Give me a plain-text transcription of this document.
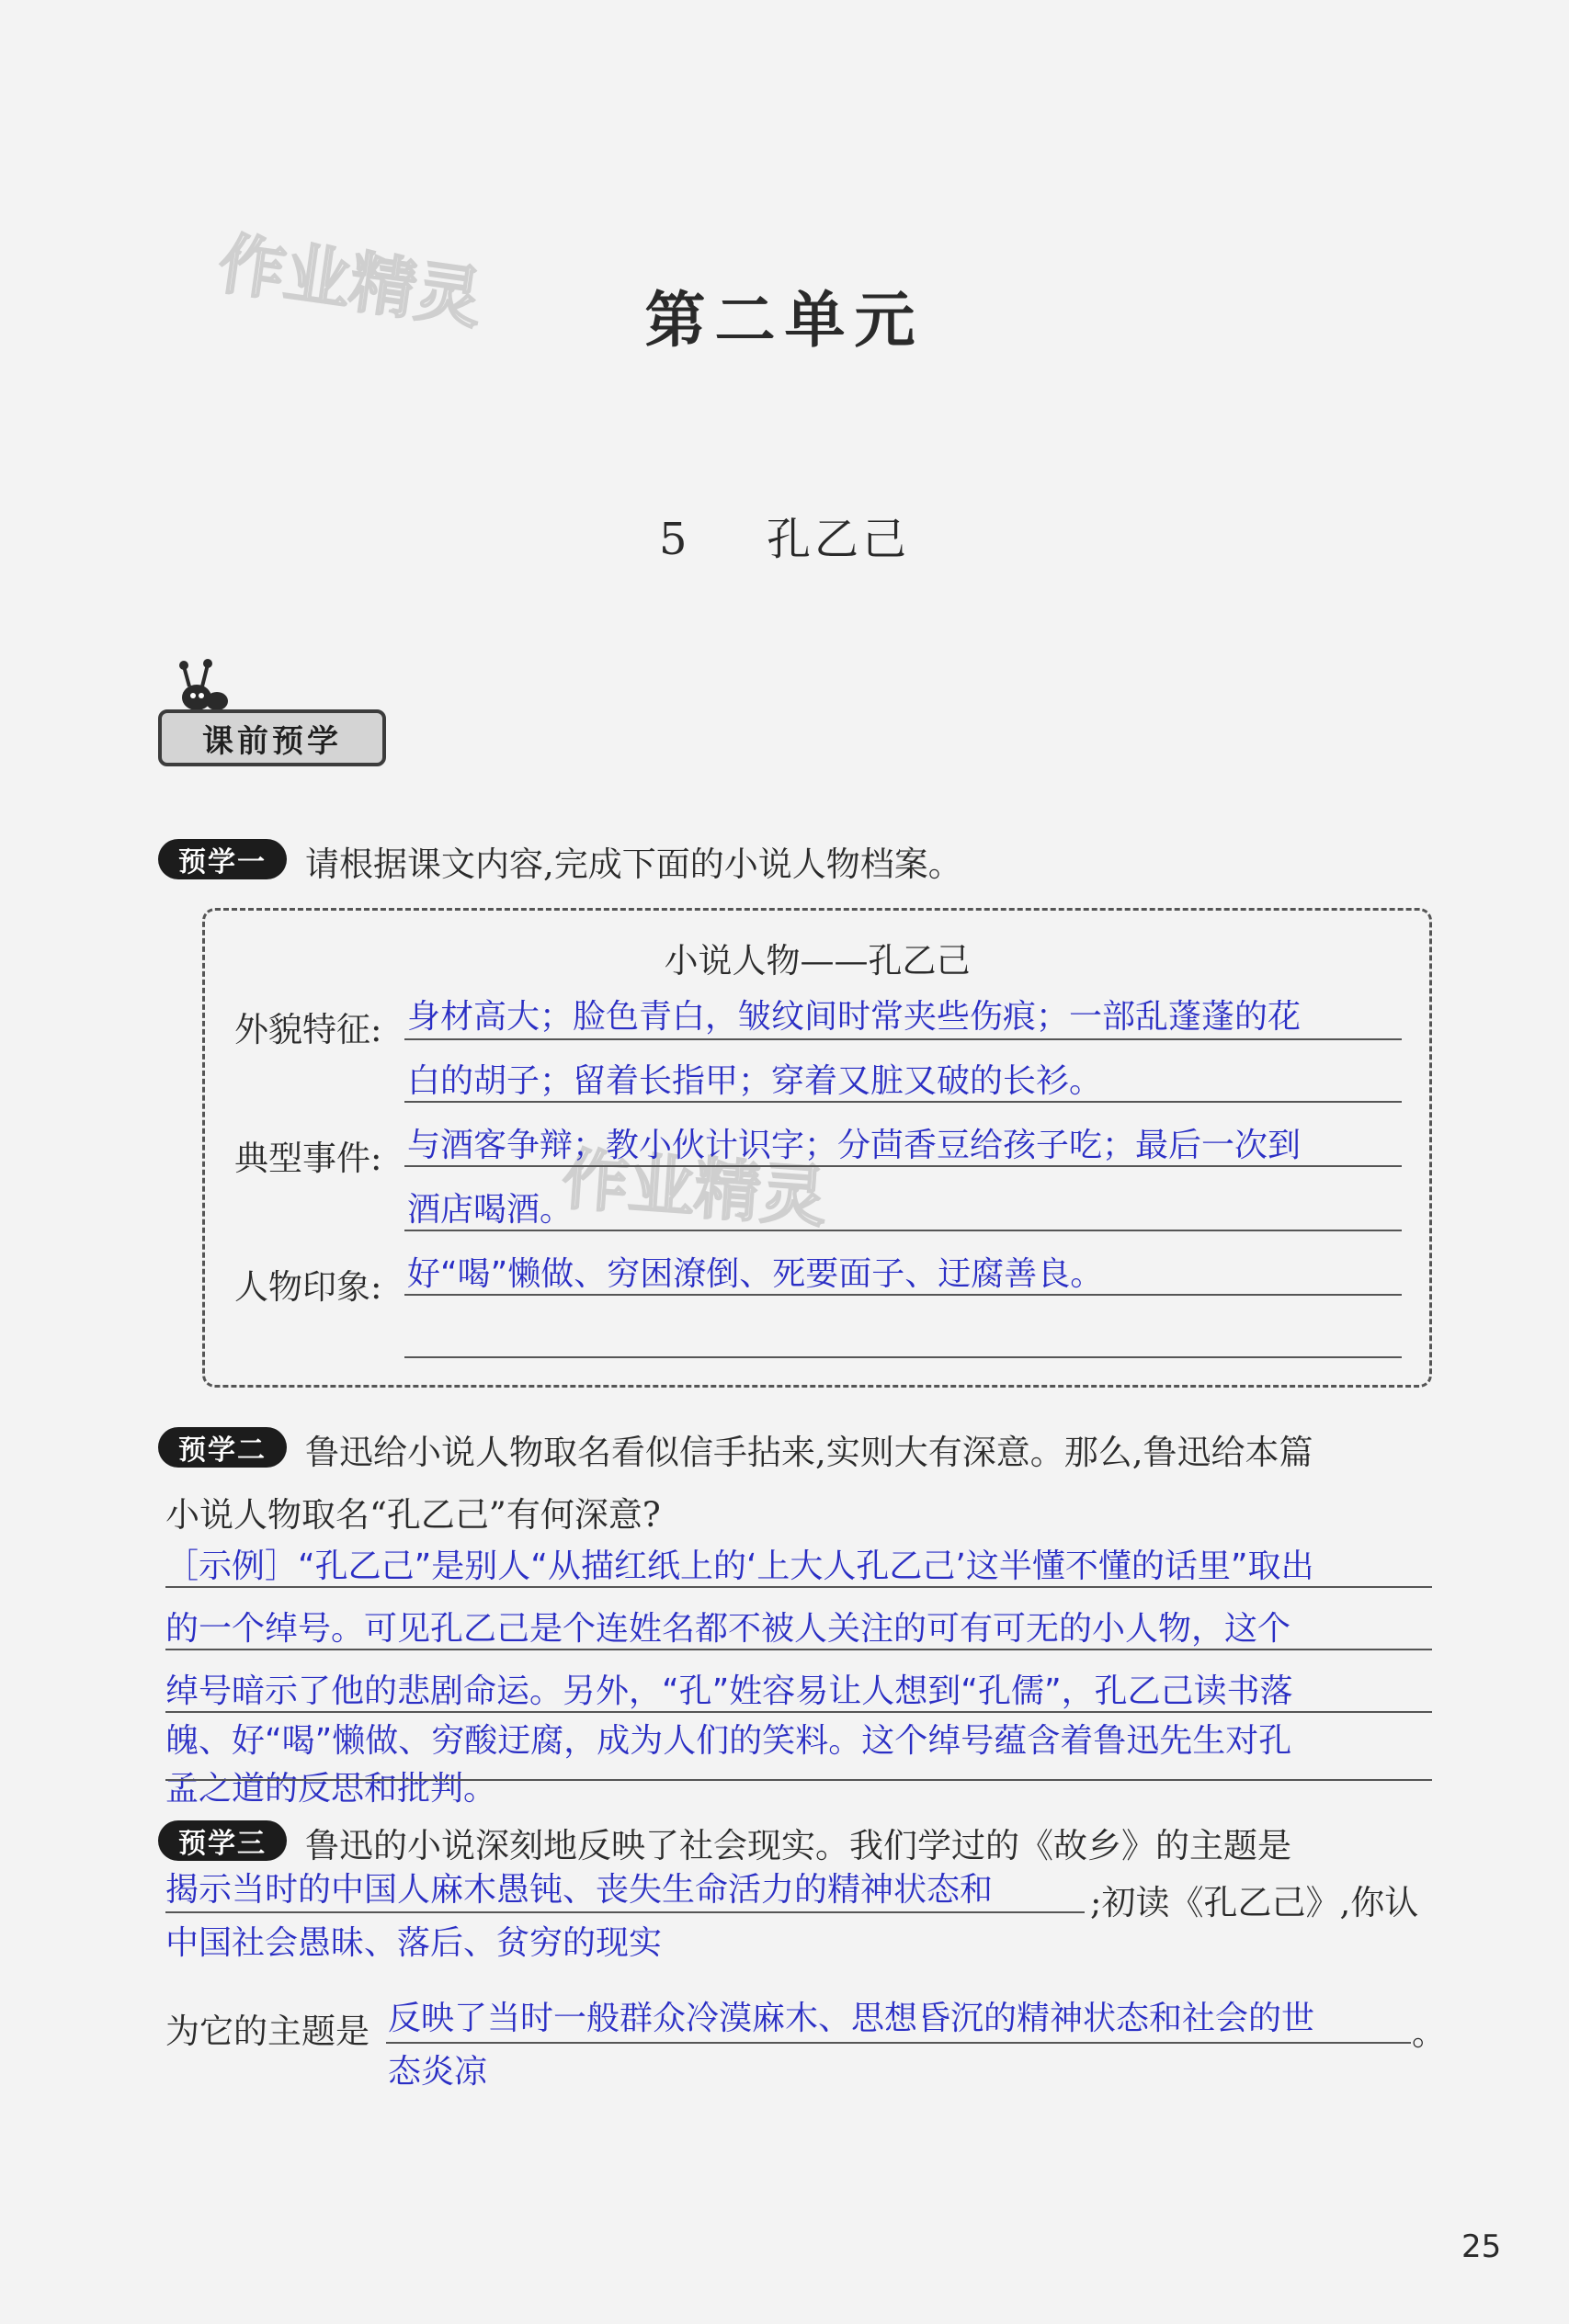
作业精灵
作业精灵
第二单元
5 孔乙己
课前预学
预学一	请根据课文内容,完成下面的小说人物档案。
小说人物——孔乙己
外貌特征: 身材高大；脸色青白，皱纹间时常夹些伤痕；一部乱蓬蓬的花
白的胡子；留着长指甲；穿着又脏又破的长衫。
典型事件: 与酒客争辩；教小伙计识字；分茴香豆给孩子吃；最后一次到
酒店喝酒。
人物印象: 好“喝”懒做、穷困潦倒、死要面子、迂腐善良。
预学二	鲁迅给小说人物取名看似信手拈来,实则大有深意。那么,鲁迅给本篇
小说人物取名“孔乙己”有何深意?
［示例］“孔乙己”是别人“从描红纸上的‘上大人孔乙己’这半懂不懂的话里”取出
的一个绰号。可见孔乙己是个连姓名都不被人关注的可有可无的小人物，这个
绰号暗示了他的悲剧命运。另外，“孔”姓容易让人想到“孔儒”，孔乙己读书落
魄、好“喝”懒做、穷酸迂腐，成为人们的笑料。这个绰号蕴含着鲁迅先生对孔
孟之道的反思和批判。
预学三	鲁迅的小说深刻地反映了社会现实。我们学过的《故乡》的主题是
揭示当时的中国人麻木愚钝、丧失生命活力的精神状态和	;初读《孔乙己》,你认
中国社会愚昧、落后、贫穷的现实
为它的主题是 反映了当时一般群众冷漠麻木、思想昏沉的精神状态和社会的世	。
态炎凉
25
